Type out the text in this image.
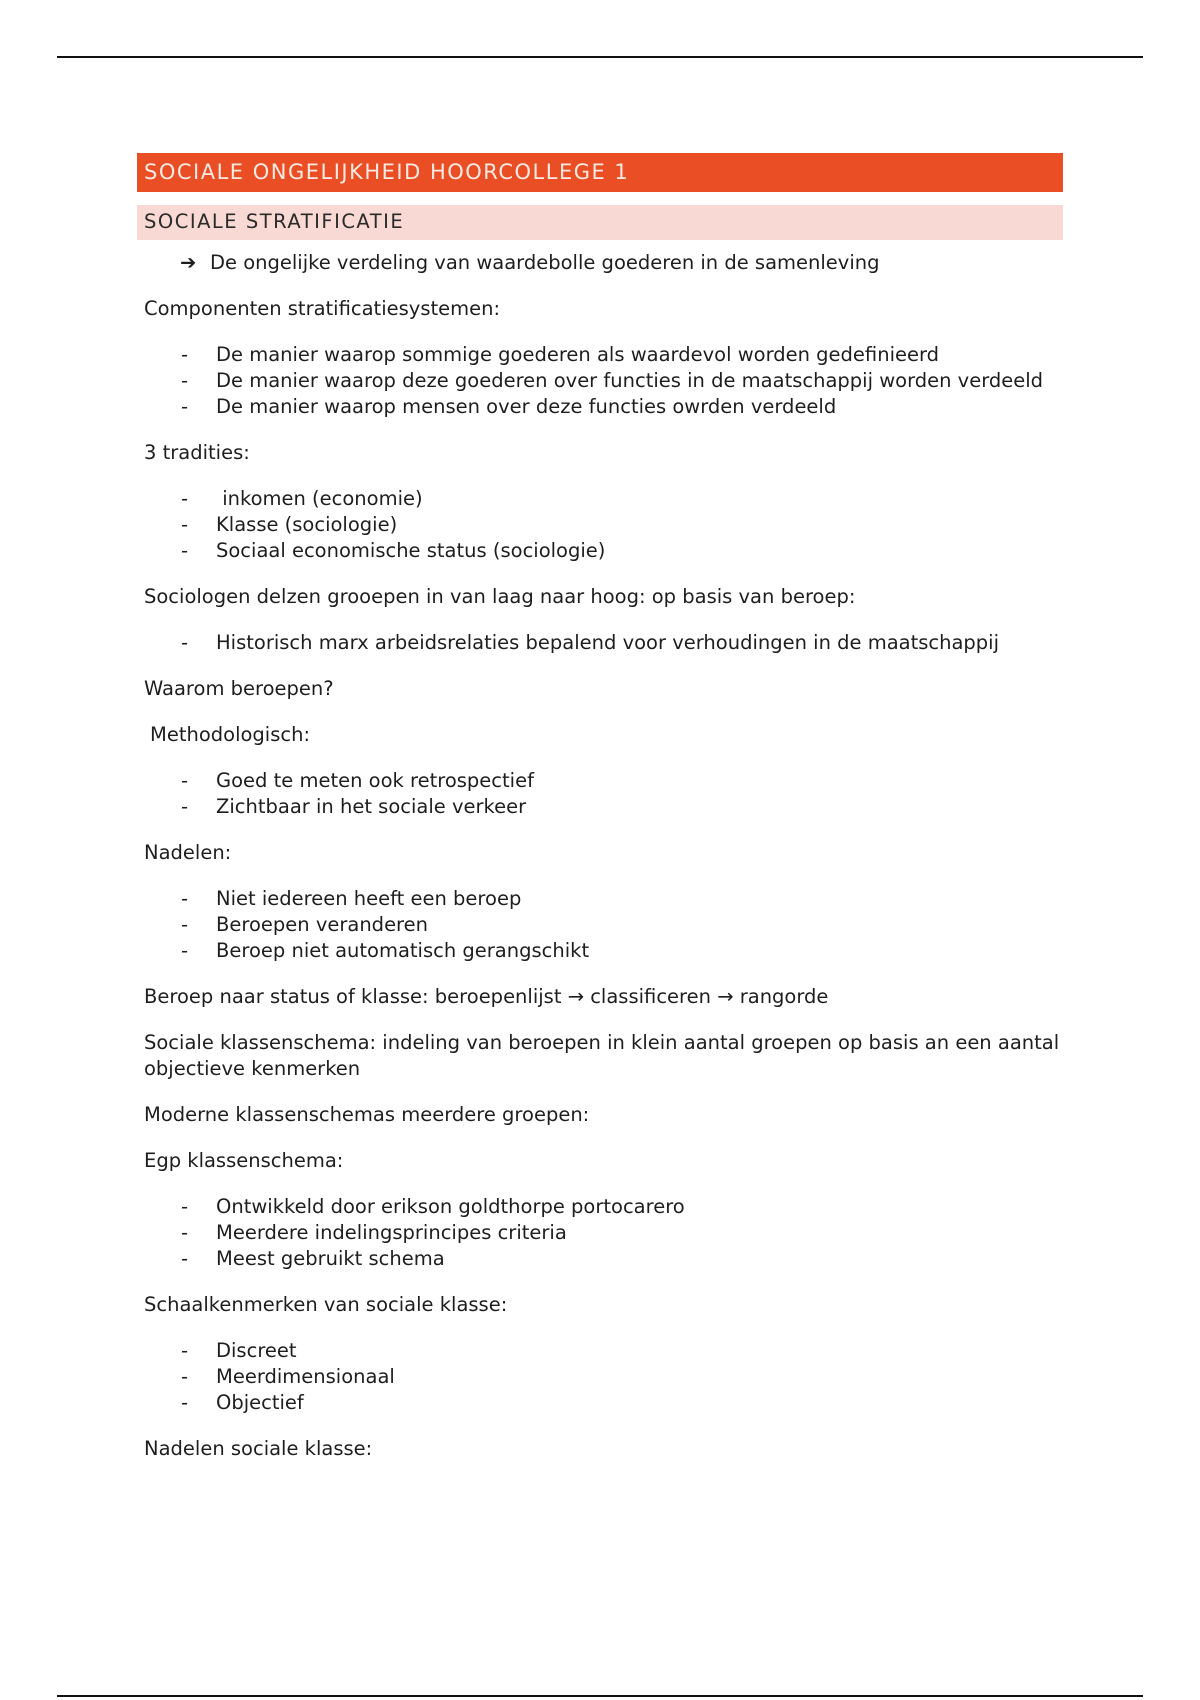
SOCIALE ONGELIJKHEID HOORCOLLEGE 1
SOCIALE STRATIFICATIE
➔ De ongelijke verdeling van waardebolle goederen in de samenleving
Componenten stratificatiesystemen:
- De manier waarop sommige goederen als waardevol worden gedefinieerd
- De manier waarop deze goederen over functies in de maatschappij worden verdeeld
- De manier waarop mensen over deze functies owrden verdeeld
3 tradities:
- inkomen (economie)
- Klasse (sociologie)
- Sociaal economische status (sociologie)
Sociologen delzen grooepen in van laag naar hoog: op basis van beroep:
- Historisch marx arbeidsrelaties bepalend voor verhoudingen in de maatschappij
Waarom beroepen?
Methodologisch:
- Goed te meten ook retrospectief
- Zichtbaar in het sociale verkeer
Nadelen:
- Niet iedereen heeft een beroep
- Beroepen veranderen
- Beroep niet automatisch gerangschikt
Beroep naar status of klasse: beroepenlijst → classificeren → rangorde
Sociale klassenschema: indeling van beroepen in klein aantal groepen op basis an een aantal objectieve kenmerken
Moderne klassenschemas meerdere groepen:
Egp klassenschema:
- Ontwikkeld door erikson goldthorpe portocarero
- Meerdere indelingsprincipes criteria
- Meest gebruikt schema
Schaalkenmerken van sociale klasse:
- Discreet
- Meerdimensionaal
- Objectief
Nadelen sociale klasse:
